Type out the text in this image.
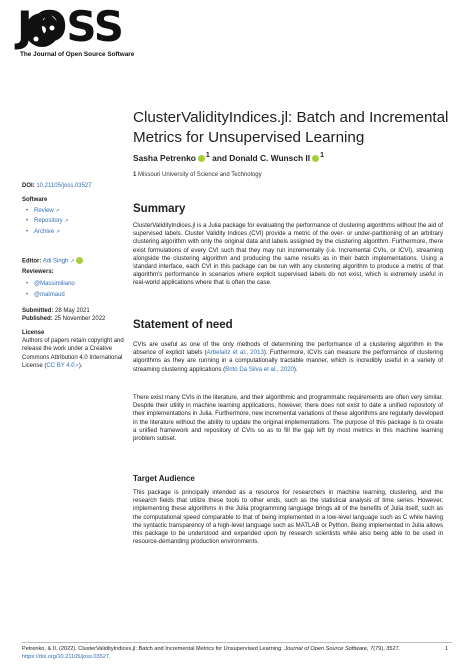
JOSS
The Journal of Open Source Software
ClusterValidityIndices.jl: Batch and Incremental Metrics for Unsupervised Learning
Sasha Petrenko $^1$ and Donald C. Wunsch II $^1$
1 Missouri University of Science and Technology
DOI: 10.21105/joss.03527
Software
• Review ↗
• Repository ↗
• Archive ↗
Editor: Adi Singh ↗
Reviewers:
• @Massimiliano
• @malmaud
Submitted: 28 May 2021
Published: 25 November 2022
License
Authors of papers retain copyright and release the work under a Creative Commons Attribution 4.0 International License (CC BY 4.0↗).
Summary
ClusterValidityIndices.jl is a Julia package for evaluating the performance of clustering algorithms without the aid of supervised labels. Cluster Validity Indices (CVI) provide a metric of the over- or under-partitioning of an arbitrary clustering algorithm with only the original data and labels assigned by the clustering algorithm. Furthermore, there exist formulations of every CVI such that they may run incrementally (i.e. Incremental CVIs, or ICVI), streaming alongside the clustering algorithm and producing the same results as in their batch implementations. Using a standard interface, each CVI in this package can be run with any clustering algorithm to produce a metric of that algorithm's performance in scenarios where explicit supervised labels do not exist, which is extremely useful in real-world applications where that is often the case.
Statement of need
CVIs are useful as one of the only methods of determining the performance of a clustering algorithm in the absence of explicit labels (Arbelaitz et al., 2013). Furthermore, ICVIs can measure the performance of clustering algorithms as they are running in a computationally tractable manner, which is incredibly useful in a variety of streaming clustering applications (Brito Da Silva et al., 2020).
There exist many CVIs in the literature, and their algorithmic and programmatic requirements are often very similar. Despite their utility in machine learning applications, however, there does not exist to date a unified repository of their implementations in Julia. Furthermore, new incremental variations of these algorithms are regularly developed in the literature without the ability to update the original implementations. The purpose of this package is to create a unified framework and repository of CVIs so as to fill the gap left by most metrics in this machine learning problem subset.
Target Audience
This package is principally intended as a resource for researchers in machine learning, clustering, and the research fields that utilize these tools to other ends, such as the statistical analysis of time series. However, implementing these algorithms in the Julia programming language brings all of the benefits of Julia itself, such as the computational speed comparable to that of being implemented in a low-level language such as C while having the syntactic transparency of a high-level language such as MATLAB or Python. Being implemented in Julia allows this package to be understood and expanded upon by research scientists while also being able to be used in resource-demanding production environments.
Petrenko, & II. (2022). ClusterValidityIndices.jl: Batch and Incremental Metrics for Unsupervised Learning. Journal of Open Source Software, 7(79), 3527. https://doi.org/10.21105/joss.03527.
1
